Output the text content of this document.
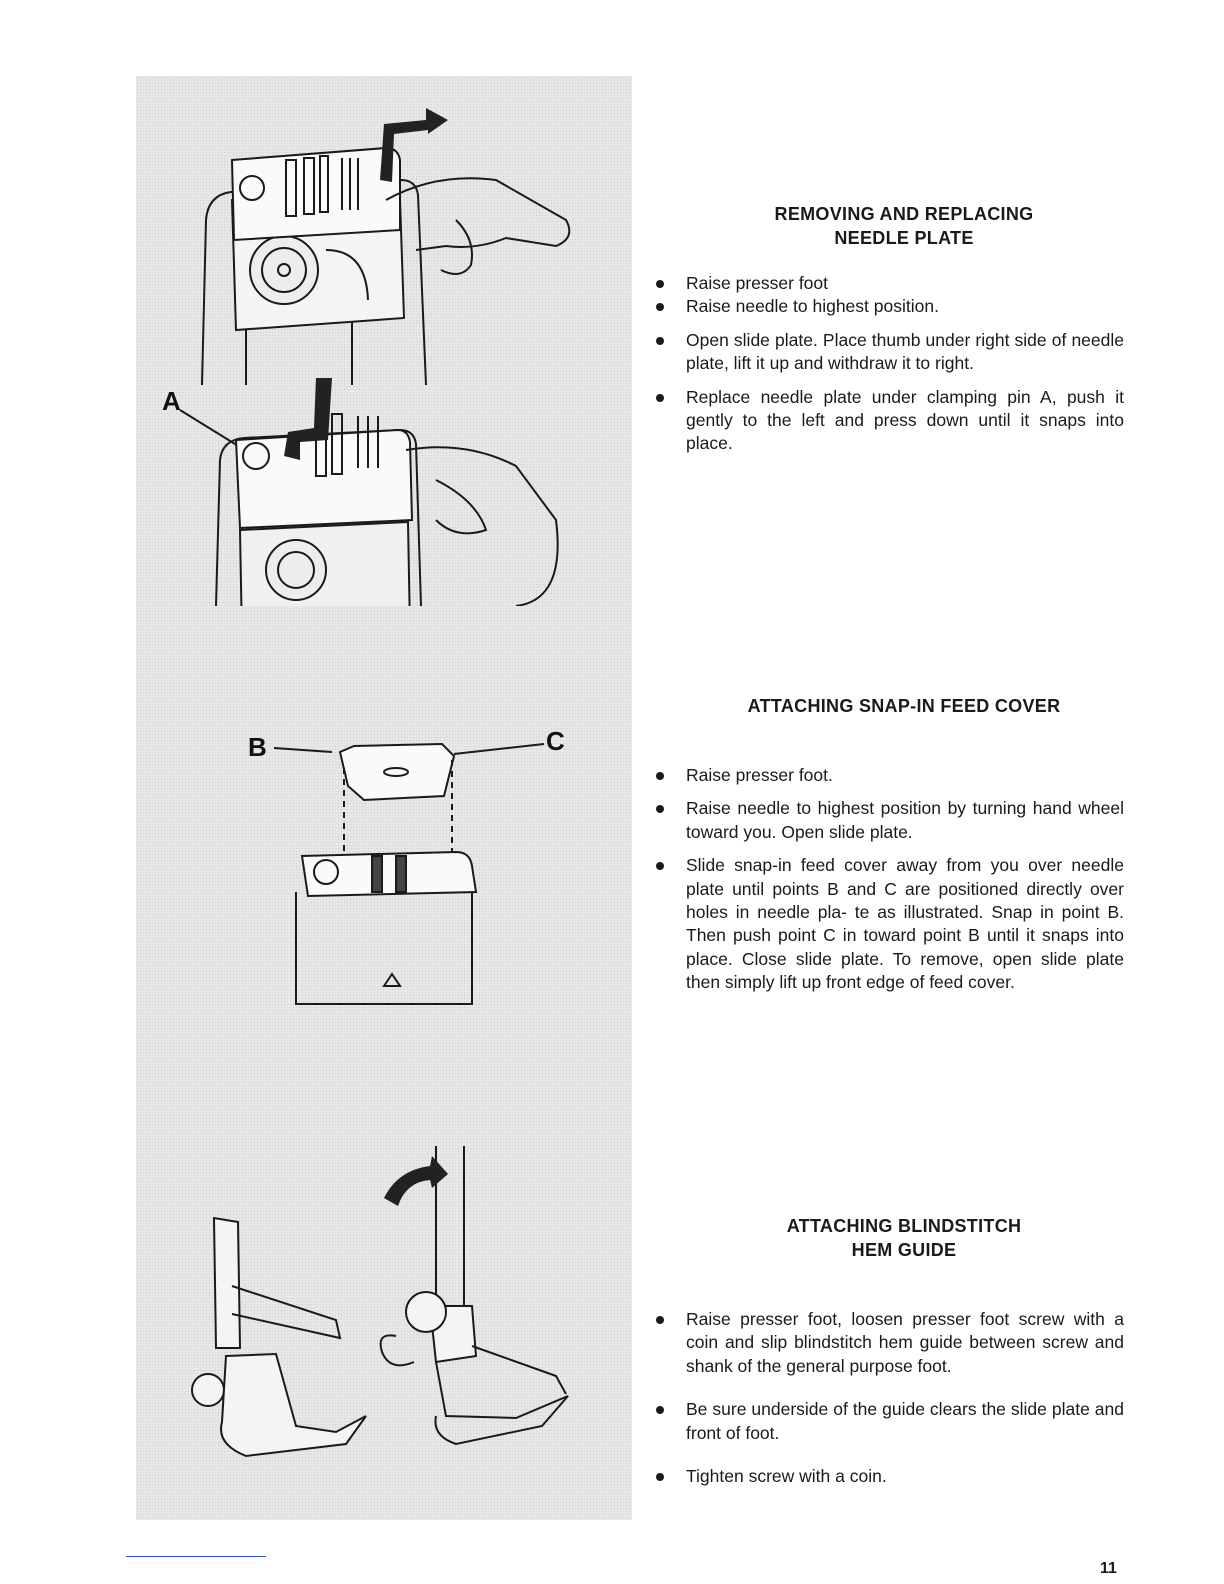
A
B	C
REMOVING AND REPLACING
NEEDLE PLATE
Raise presser foot
Raise needle to highest position.
Open slide plate. Place thumb under right side of needle plate, lift it up and withdraw it to right.
Replace needle plate under clamping pin A, push it gently to the left and press down until it snaps into place.
ATTACHING SNAP-IN FEED COVER
Raise presser foot.
Raise needle to highest position by turning hand wheel toward you. Open slide plate.
Slide snap-in feed cover away from you over needle plate until points B and C are positioned directly over holes in needle pla- te as illustrated. Snap in point B. Then push point C in toward point B until it snaps into place. Close slide plate. To remove, open slide plate then simply lift up front edge of feed cover.
ATTACHING BLINDSTITCH
HEM GUIDE
Raise presser foot, loosen presser foot screw with a coin and slip blindstitch hem guide between screw and shank of the general purpose foot.
Be sure underside of the guide clears the slide plate and front of foot.
Tighten screw with a coin.
11
